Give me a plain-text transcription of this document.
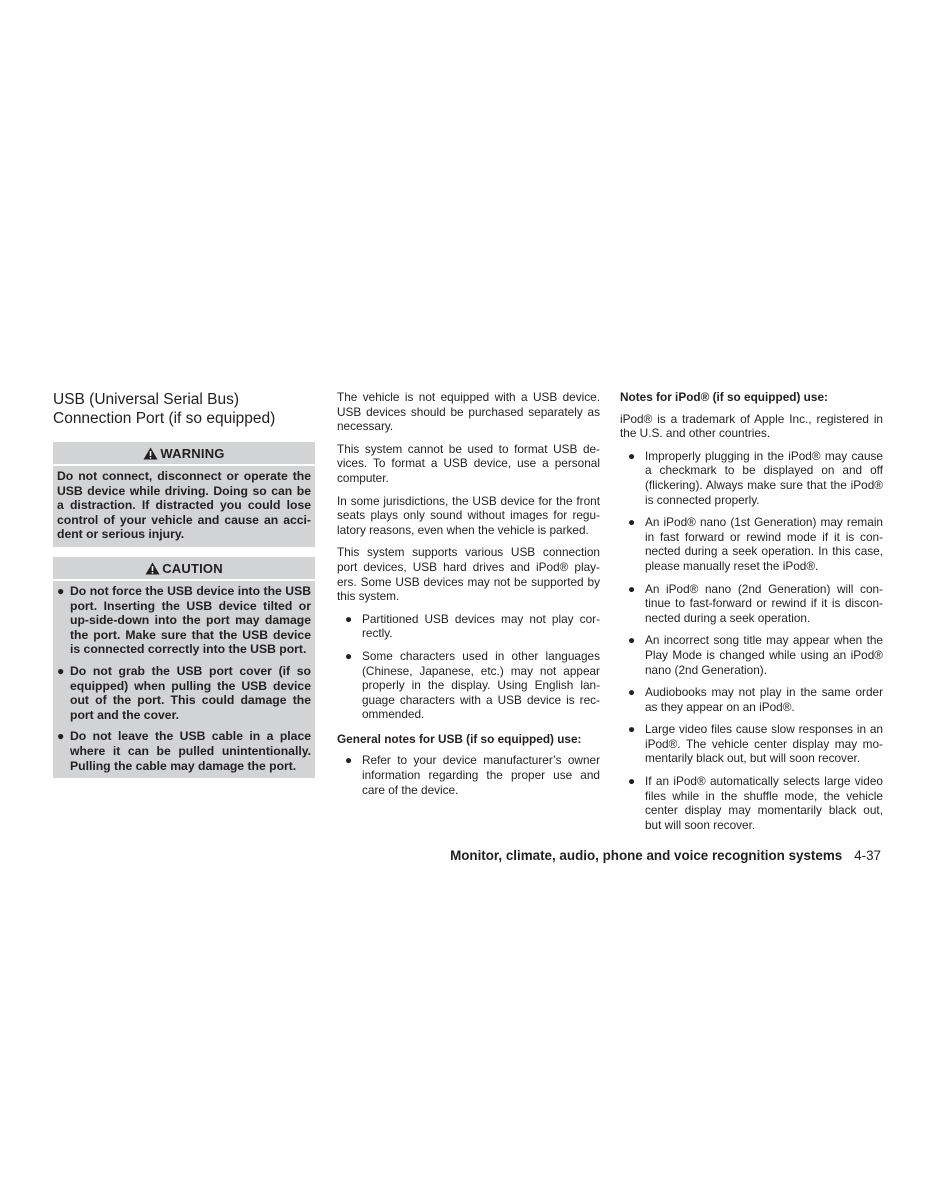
USB (Universal Serial Bus)
Connection Port (if so equipped)
WARNING

Do not connect, disconnect or operate the USB device while driving. Doing so can be a distraction. If distracted you could lose control of your vehicle and cause an acci-dent or serious injury.

CAUTION
● Do not force the USB device into the USB port. Inserting the USB device tilted or up-side-down into the port may damage the port. Make sure that the USB device is connected correctly into the USB port.
● Do not grab the USB port cover (if so equipped) when pulling the USB device out of the port. This could damage the port and the cover.
● Do not leave the USB cable in a place where it can be pulled unintentionally. Pulling the cable may damage the port.

The vehicle is not equipped with a USB device. USB devices should be purchased separately as necessary.

This system cannot be used to format USB de-vices. To format a USB device, use a personal computer.

In some jurisdictions, the USB device for the front seats plays only sound without images for regu-latory reasons, even when the vehicle is parked.

This system supports various USB connection port devices, USB hard drives and iPod® play-ers. Some USB devices may not be supported by this system.

● Partitioned USB devices may not play cor-rectly.
● Some characters used in other languages (Chinese, Japanese, etc.) may not appear properly in the display. Using English lan-guage characters with a USB device is rec-ommended.
General notes for USB (if so equipped) use:
● Refer to your device manufacturer’s owner information regarding the proper use and care of the device.
Notes for iPod® (if so equipped) use:

iPod® is a trademark of Apple Inc., registered in the U.S. and other countries.

● Improperly plugging in the iPod® may cause a checkmark to be displayed on and off (flickering). Always make sure that the iPod® is connected properly.
● An iPod® nano (1st Generation) may remain in fast forward or rewind mode if it is con-nected during a seek operation. In this case, please manually reset the iPod®.
● An iPod® nano (2nd Generation) will con-tinue to fast-forward or rewind if it is discon-nected during a seek operation.
● An incorrect song title may appear when the Play Mode is changed while using an iPod® nano (2nd Generation).
● Audiobooks may not play in the same order as they appear on an iPod®.
● Large video files cause slow responses in an iPod®. The vehicle center display may mo-mentarily black out, but will soon recover.
● If an iPod® automatically selects large video files while in the shuffle mode, the vehicle center display may momentarily black out, but will soon recover.
Monitor, climate, audio, phone and voice recognition systems 4-37
